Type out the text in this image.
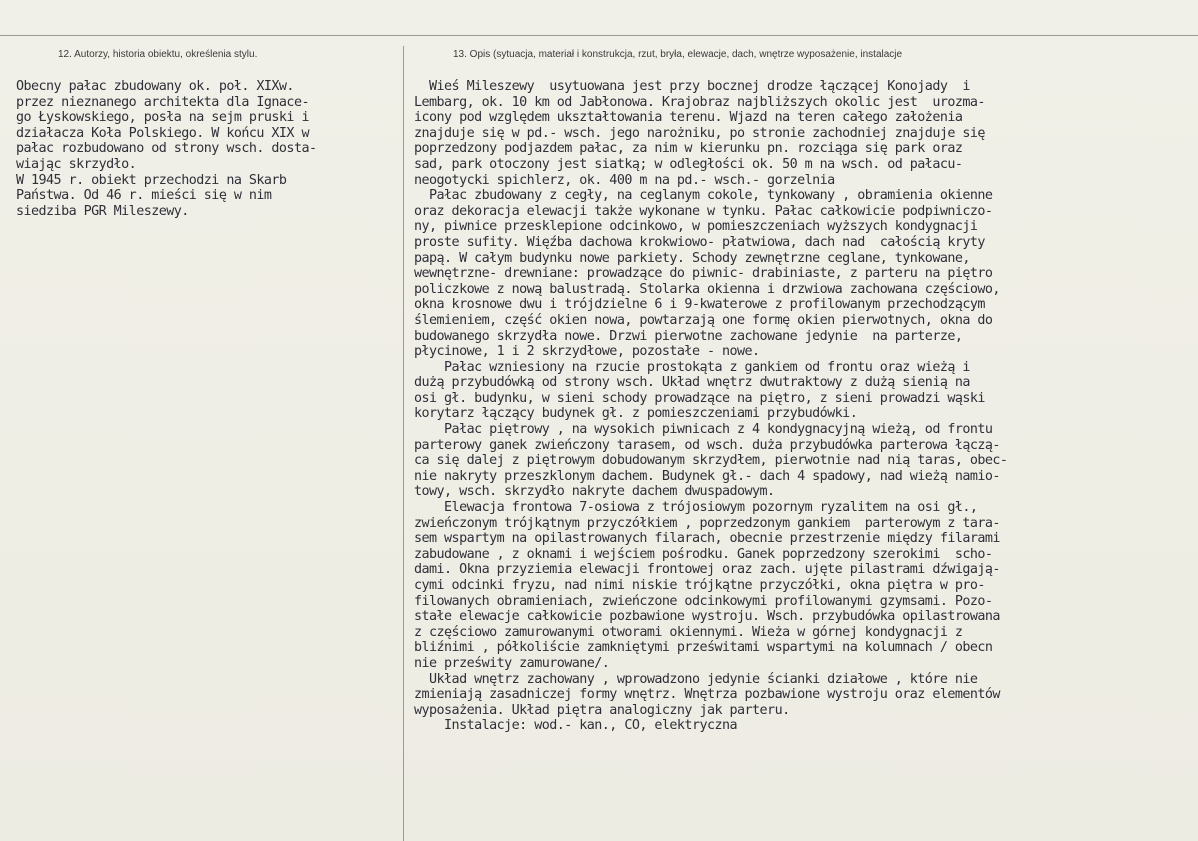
12. Autorzy, historia obiektu, określenia stylu.	13. Opis (sytuacja, materiał i konstrukcja, rzut, bryła, elewacje, dach, wnętrze wyposażenie, instalacje
Obecny pałac zbudowany ok. poł. XIXw.
przez nieznanego architekta dla Ignace-
go Łyskowskiego, posła na sejm pruski i
działacza Koła Polskiego. W końcu XIX w
pałac rozbudowano od strony wsch. dosta-
wiając skrzydło.
W 1945 r. obiekt przechodzi na Skarb
Państwa. Od 46 r. mieści się w nim
siedziba PGR Mileszewy.
Wieś Mileszewy  usytuowana jest przy bocznej drodze łączącej Konojady  i
Lembarg, ok. 10 km od Jabłonowa. Krajobraz najbliższych okolic jest  urozma-
icony pod względem ukształtowania terenu. Wjazd na teren całego założenia
znajduje się w pd.- wsch. jego narożniku, po stronie zachodniej znajduje się
poprzedzony podjazdem pałac, za nim w kierunku pn. rozciąga się park oraz
sad, park otoczony jest siatką; w odległości ok. 50 m na wsch. od pałacu-
neogotycki spichlerz, ok. 400 m na pd.- wsch.- gorzelnia
Pałac zbudowany z cegły, na ceglanym cokole, tynkowany , obramienia okienne
oraz dekoracja elewacji także wykonane w tynku. Pałac całkowicie podpiwniczo-
ny, piwnice przesklepione odcinkowo, w pomieszczeniach wyższych kondygnacji
proste sufity. Więźba dachowa krokwiowo- płatwiowa, dach nad  całością kryty
papą. W całym budynku nowe parkiety. Schody zewnętrzne ceglane, tynkowane,
wewnętrzne- drewniane: prowadzące do piwnic- drabiniaste, z parteru na piętro
policzkowe z nową balustradą. Stolarka okienna i drzwiowa zachowana częściowo,
okna krosnowe dwu i trójdzielne 6 i 9-kwaterowe z profilowanym przechodzącym
ślemieniem, część okien nowa, powtarzają one formę okien pierwotnych, okna do
budowanego skrzydła nowe. Drzwi pierwotne zachowane jedynie  na parterze,
płycinowe, 1 i 2 skrzydłowe, pozostałe - nowe.
Pałac wzniesiony na rzucie prostokąta z gankiem od frontu oraz wieżą i
dużą przybudówką od strony wsch. Układ wnętrz dwutraktowy z dużą sienią na
osi gł. budynku, w sieni schody prowadzące na piętro, z sieni prowadzi wąski
korytarz łączący budynek gł. z pomieszczeniami przybudówki.
Pałac piętrowy , na wysokich piwnicach z 4 kondygnacyjną wieżą, od frontu
parterowy ganek zwieńczony tarasem, od wsch. duża przybudówka parterowa łączą-
ca się dalej z piętrowym dobudowanym skrzydłem, pierwotnie nad nią taras, obec-
nie nakryty przeszklonym dachem. Budynek gł.- dach 4 spadowy, nad wieżą namio-
towy, wsch. skrzydło nakryte dachem dwuspadowym.
Elewacja frontowa 7-osiowa z trójosiowym pozornym ryzalitem na osi gł.,
zwieńczonym trójkątnym przyczółkiem , poprzedzonym gankiem  parterowym z tara-
sem wspartym na opilastrowanych filarach, obecnie przestrzenie między filarami
zabudowane , z oknami i wejściem pośrodku. Ganek poprzedzony szerokimi  scho-
dami. Okna przyziemia elewacji frontowej oraz zach. ujęte pilastrami dźwigają-
cymi odcinki fryzu, nad nimi niskie trójkątne przyczółki, okna piętra w pro-
filowanych obramieniach, zwieńczone odcinkowymi profilowanymi gzymsami. Pozo-
stałe elewacje całkowicie pozbawione wystroju. Wsch. przybudówka opilastrowana
z częściowo zamurowanymi otworami okiennymi. Wieża w górnej kondygnacji z
bliźnimi , półkoliście zamkniętymi prześwitami wspartymi na kolumnach / obecn
nie prześwity zamurowane/.
Układ wnętrz zachowany , wprowadzono jedynie ścianki działowe , które nie
zmieniają zasadniczej formy wnętrz. Wnętrza pozbawione wystroju oraz elementów
wyposażenia. Układ piętra analogiczny jak parteru.
Instalacje: wod.- kan., CO, elektryczna
